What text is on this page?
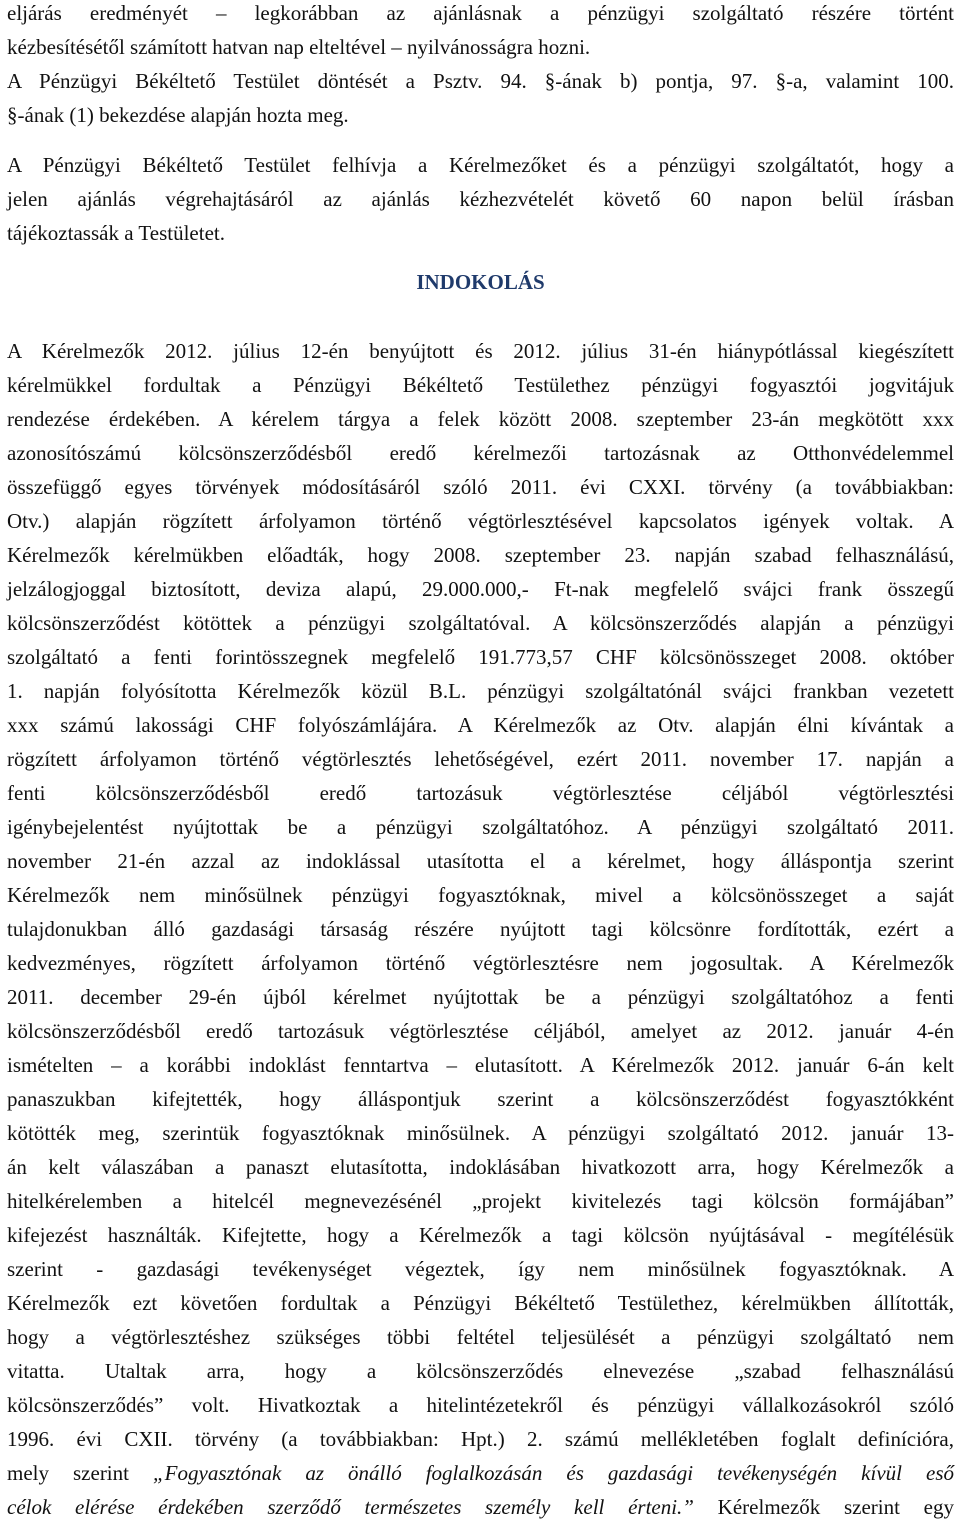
eljárás eredményét – legkorábban az ajánlásnak a pénzügyi szolgáltató részére történt
kézbesítésétől számított hatvan nap elteltével – nyilvánosságra hozni.
A Pénzügyi Békéltető Testület döntését a Psztv. 94. §-ának b) pontja, 97. §-a, valamint 100.
§-ának (1) bekezdése alapján hozta meg.
A Pénzügyi Békéltető Testület felhívja a Kérelmezőket és a pénzügyi szolgáltatót, hogy a
jelen ajánlás végrehajtásáról az ajánlás kézhezvételét követő 60 napon belül írásban
tájékoztassák a Testületet.
INDOKOLÁS
A Kérelmezők 2012. július 12-én benyújtott és 2012. július 31-én hiánypótlással kiegészített
kérelmükkel fordultak a Pénzügyi Békéltető Testülethez pénzügyi fogyasztói jogvitájuk
rendezése érdekében. A kérelem tárgya a felek között 2008. szeptember 23-án megkötött xxx
azonosítószámú kölcsönszerződésből eredő kérelmezői tartozásnak az Otthonvédelemmel
összefüggő egyes törvények módosításáról szóló 2011. évi CXXI. törvény (a továbbiakban:
Otv.) alapján rögzített árfolyamon történő végtörlesztésével kapcsolatos igények voltak. A
Kérelmezők kérelmükben előadták, hogy 2008. szeptember 23. napján szabad felhasználású,
jelzálogjoggal biztosított, deviza alapú, 29.000.000,- Ft-nak megfelelő svájci frank összegű
kölcsönszerződést kötöttek a pénzügyi szolgáltatóval. A kölcsönszerződés alapján a pénzügyi
szolgáltató a fenti forintösszegnek megfelelő 191.773,57 CHF kölcsönösszeget 2008. október
1. napján folyósította Kérelmezők közül B.L. pénzügyi szolgáltatónál svájci frankban vezetett
xxx számú lakossági CHF folyószámlájára. A Kérelmezők az Otv. alapján élni kívántak a
rögzített árfolyamon történő végtörlesztés lehetőségével, ezért 2011. november 17. napján a
fenti kölcsönszerződésből eredő tartozásuk végtörlesztése céljából végtörlesztési
igénybejelentést nyújtottak be a pénzügyi szolgáltatóhoz. A pénzügyi szolgáltató 2011.
november 21-én azzal az indoklással utasította el a kérelmet, hogy álláspontja szerint
Kérelmezők nem minősülnek pénzügyi fogyasztóknak, mivel a kölcsönösszeget a saját
tulajdonukban álló gazdasági társaság részére nyújtott tagi kölcsönre fordították, ezért a
kedvezményes, rögzített árfolyamon történő végtörlesztésre nem jogosultak. A Kérelmezők
2011. december 29-én újból kérelmet nyújtottak be a pénzügyi szolgáltatóhoz a fenti
kölcsönszerződésből eredő tartozásuk végtörlesztése céljából, amelyet az 2012. január 4-én
ismételten – a korábbi indoklást fenntartva – elutasított. A Kérelmezők 2012. január 6-án kelt
panaszukban kifejtették, hogy álláspontjuk szerint a kölcsönszerződést fogyasztókként
kötötték meg, szerintük fogyasztóknak minősülnek. A pénzügyi szolgáltató 2012. január 13-
án kelt válaszában a panaszt elutasította, indoklásában hivatkozott arra, hogy Kérelmezők a
hitelkérelemben a hitelcél megnevezésénél „projekt kivitelezés tagi kölcsön formájában”
kifejezést használták. Kifejtette, hogy a Kérelmezők a tagi kölcsön nyújtásával - megítélésük
szerint - gazdasági tevékenységet végeztek, így nem minősülnek fogyasztóknak. A
Kérelmezők ezt követően fordultak a Pénzügyi Békéltető Testülethez, kérelmükben állították,
hogy a végtörlesztéshez szükséges többi feltétel teljesülését a pénzügyi szolgáltató nem
vitatta. Utaltak arra, hogy a kölcsönszerződés elnevezése „szabad felhasználású
kölcsönszerződés” volt. Hivatkoztak a hitelintézetekről és pénzügyi vállalkozásokról szóló
1996. évi CXII. törvény (a továbbiakban: Hpt.) 2. számú mellékletében foglalt definícióra,
mely szerint „Fogyasztónak az önálló foglalkozásán és gazdasági tevékenységén kívül eső
célok elérése érdekében szerződő természetes személy kell érteni.” Kérelmezők szerint egy
